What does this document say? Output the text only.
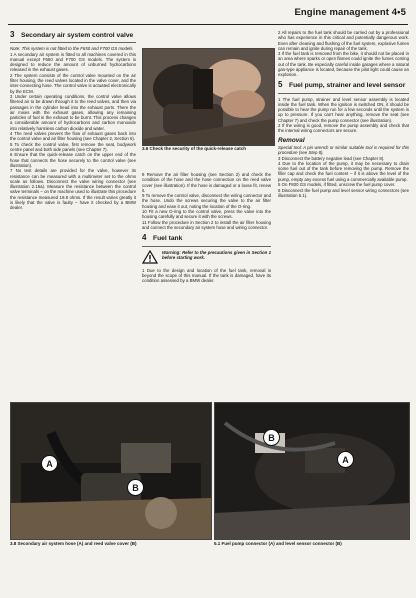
Engine management 4•5
3 Secondary air system control valve

Note: This system is not fitted to the F650 and F700 GS models.

1 A secondary air system is fitted to all machines covered in this manual except F650 and F700 GS models. The system is designed to reduce the amount of unburned hydrocarbons released in the exhaust gases.

2 The system consists of the control valve mounted on the air filter housing, the reed valves located in the valve cover, and the inter-connecting hose. The control valve is actuated electronically by the ECM.

3 Under certain operating conditions, the control valve allows filtered air to be drawn through it to the reed valves, and then via passages in the cylinder head into the exhaust ports. There the air mixes with the exhaust gases, allowing any remaining particles of fuel in the exhaust to be burnt. This process changes a considerable amount of hydrocarbons and carbon monoxide into relatively harmless carbon dioxide and water.

4 The reed valves prevent the flow of exhaust gases back into the control valve and air filter housing (see Chapter 2, Section 6).

5 To check the control valve, first remove the seat, bodywork centre panel and both side panels (see Chapter 7).

6 Ensure that the quick-release catch on the upper end of the hose that connects the hose securely to the control valve (see illustration).

7 No test details are provided for the valve, however its resistance can be measured with a multimeter set to the ohms scale as follows. Disconnect the valve wiring connector (see illustration 2.15a). Measure the resistance between the control valve terminals – on the machine used to illustrate this procedure the resistance measured 19.8 ohms. If the result varies greatly it is likely that the valve is faulty – have it checked by a BMW dealer.

3.6 Check the security of the quick-release catch

8 Remove the air filter housing (see Section 2) and check the condition of the hose and the hose connection on the reed valve cover (see illustration). If the hose is damaged or a loose fit, renew it.

9 To remove the control valve, disconnect the wiring connector and the hose. Undo the screws securing the valve to the air filter housing and ease it out, noting the location of the O-ring.

10 Fit a new O-ring to the control valve, press the valve into the housing carefully and secure it with the screws.

11 Follow the procedure in Section 2 to install the air filter housing and connect the secondary air system hose and wiring connector.

4 Fuel tank
Warning: Refer to the precautions given in Section 1 before starting work.

1 Due to the design and location of the fuel tank, removal is beyond the scope of this manual. If the tank is damaged, have its condition assessed by a BMW dealer.

2 All repairs to the fuel tank should be carried out by a professional who has experience in this critical and potentially dangerous work. Even after cleaning and flushing of the fuel system, explosive fumes can remain and ignite during repair of the tank.

3 If the fuel tank is removed from the bike, it should not be placed in an area where sparks or open flames could ignite the fumes coming out of the tank. Be especially careful inside garages where a natural gas-type appliance is located, because the pilot light could cause an explosion.

5 Fuel pump, strainer and level sensor

1 The fuel pump, strainer and level sensor assembly is located inside the fuel tank. When the ignition is switched ON, it should be possible to hear the pump run for a few seconds until the system is up to pressure. If you can't hear anything, remove the seat (see Chapter 7) and check the pump connector (see illustration).

2 If the wiring is good, remove the pump assembly and check that the internal wiring connectors are secure.

Removal

Special tool: A pin wrench or similar suitable tool is required for this procedure (see Step 8).

3 Disconnect the battery negative lead (see Chapter 8).

4 Due to the location of the pump, it may be necessary to drain some fuel out of the tank before removing the pump. Remove the filler cap and check the fuel content – if it is above the level of the pump, empty any excess fuel using a commercially available pump.

5 On F800 GS models, if fitted, unscrew the fuel pump cover.

6 Disconnect the fuel pump and level sensor wiring connectors (see illustration 5.1).

A
B
3.8 Secondary air system hose (A) and reed valve cover (B)
B
A
5.1 Fuel pump connector (A) and level sensor connector (B)
